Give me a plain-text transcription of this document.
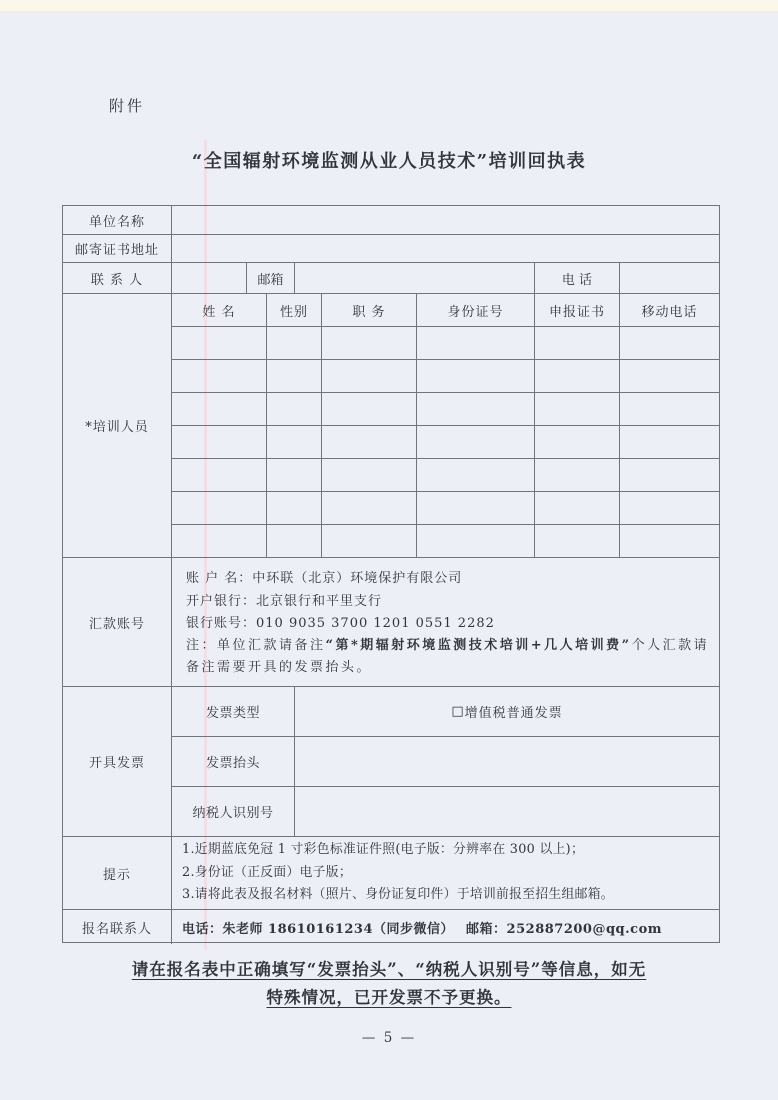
附件
“全国辐射环境监测从业人员技术”培训回执表
单位名称
邮寄证书地址
联 系 人	邮箱	电 话
*培训人员
姓 名	性别	职 务	身份证号	申报证书	移动电话
汇款账号
账 户 名：中环联（北京）环境保护有限公司
开户银行：北京银行和平里支行
银行账号：010 9035 3700 1201 0551 2282
注：单位汇款请备注“第*期辐射环境监测技术培训+几人培训费”个人汇款请备注需要开具的发票抬头。
开具发票
发票类型	□ 增值税普通发票
发票抬头
纳税人识别号
提示
1.近期蓝底免冠 1 寸彩色标准证件照(电子版：分辨率在 300 以上)；
2.身份证（正反面）电子版；
3.请将此表及报名材料（照片、身份证复印件）于培训前报至招生组邮箱。
报名联系人	电话：朱老师 18610161234（同步微信）　 邮箱：252887200@qq.com
请在报名表中正确填写“发票抬头”、“纳税人识别号”等信息，如无
特殊情况，已开发票不予更换。
— 5 —
